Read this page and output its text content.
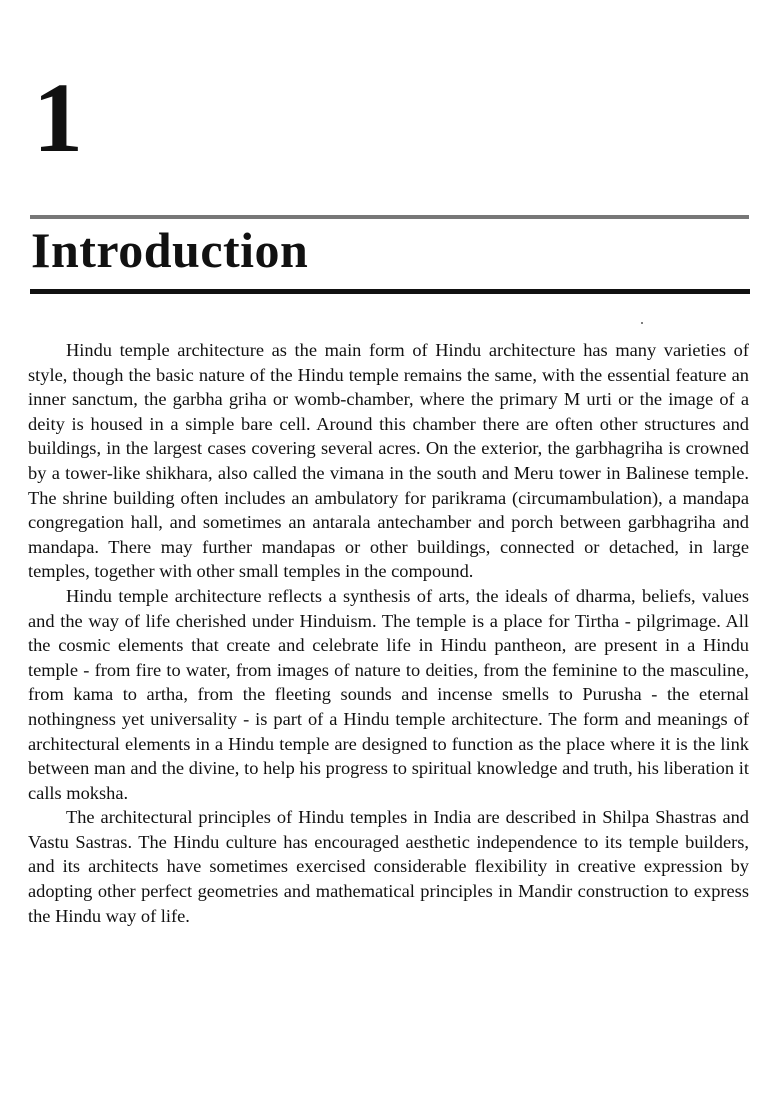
1
Introduction

Hindu temple architecture as the main form of Hindu architecture has many varieties of style, though the basic nature of the Hindu temple remains the same, with the essential feature an inner sanctum, the garbha griha or womb-chamber, where the primary M urti or the image of a deity is housed in a simple bare cell. Around this chamber there are often other structures and buildings, in the largest cases covering several acres. On the exterior, the garbhagriha is crowned by a tower-like shikhara, also called the vimana in the south and Meru tower in Balinese temple. The shrine building often includes an ambulatory for parikrama (circumambulation), a mandapa congregation hall, and sometimes an antarala antechamber and porch between garbhagriha and mandapa. There may further mandapas or other buildings, connected or detached, in large temples, together with other small temples in the compound.

Hindu temple architecture reflects a synthesis of arts, the ideals of dharma, beliefs, values and the way of life cherished under Hinduism. The temple is a place for Tirtha - pilgrimage. All the cosmic elements that create and celebrate life in Hindu pantheon, are present in a Hindu temple - from fire to water, from images of nature to deities, from the feminine to the masculine, from kama to artha, from the fleeting sounds and incense smells to Purusha - the eternal nothingness yet universality - is part of a Hindu temple architecture. The form and meanings of architectural elements in a Hindu temple are designed to function as the place where it is the link between man and the divine, to help his progress to spiritual knowledge and truth, his liberation it calls moksha.

The architectural principles of Hindu temples in India are described in Shilpa Shastras and Vastu Sastras. The Hindu culture has encouraged aesthetic independence to its temple builders, and its architects have sometimes exercised considerable flexibility in creative expression by adopting other perfect geometries and mathematical principles in Mandir construction to express the Hindu way of life.
